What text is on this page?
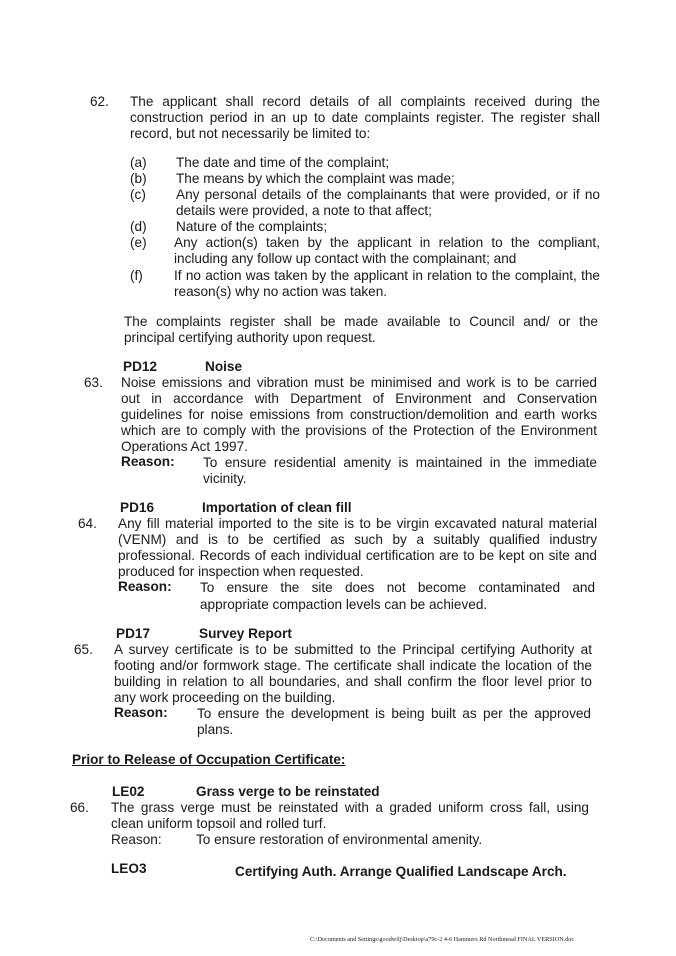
62. The applicant shall record details of all complaints received during the
construction period in an up to date complaints register. The register shall
record, but not necessarily be limited to:
(a) The date and time of the complaint;
(b) The means by which the complaint was made;
(c) Any personal details of the complainants that were provided, or if no
details were provided, a note to that affect;
(d) Nature of the complaints;
(e) Any action(s) taken by the applicant in relation to the compliant,
including any follow up contact with the complainant; and
(f) If no action was taken by the applicant in relation to the complaint, the
reason(s) why no action was taken.
The complaints register shall be made available to Council and/ or the
principal certifying authority upon request.
PD12	Noise
63. Noise emissions and vibration must be minimised and work is to be carried
out in accordance with Department of Environment and Conservation
guidelines for noise emissions from construction/demolition and earth works
which are to comply with the provisions of the Protection of the Environment
Operations Act 1997.
Reason: To ensure residential amenity is maintained in the immediate
vicinity.
PD16	Importation of clean fill
64. Any fill material imported to the site is to be virgin excavated natural material
(VENM) and is to be certified as such by a suitably qualified industry
professional. Records of each individual certification are to be kept on site and
produced for inspection when requested.
Reason: To ensure the site does not become contaminated and
appropriate compaction levels can be achieved.
PD17	Survey Report
65. A survey certificate is to be submitted to the Principal certifying Authority at
footing and/or formwork stage. The certificate shall indicate the location of the
building in relation to all boundaries, and shall confirm the floor level prior to
any work proceeding on the building.
Reason: To ensure the development is being built as per the approved
plans.
Prior to Release of Occupation Certificate:
LE02	Grass verge to be reinstated
66. The grass verge must be reinstated with a graded uniform cross fall, using
clean uniform topsoil and rolled turf.
Reason:	To ensure restoration of environmental amenity.
LEO3	Certifying Auth. Arrange Qualified Landscape Arch.
C:\Documents and Settings\goodwilj\Desktop\a79c-2 4-6 Hammers Rd Northmead FINAL VERSION.doc
